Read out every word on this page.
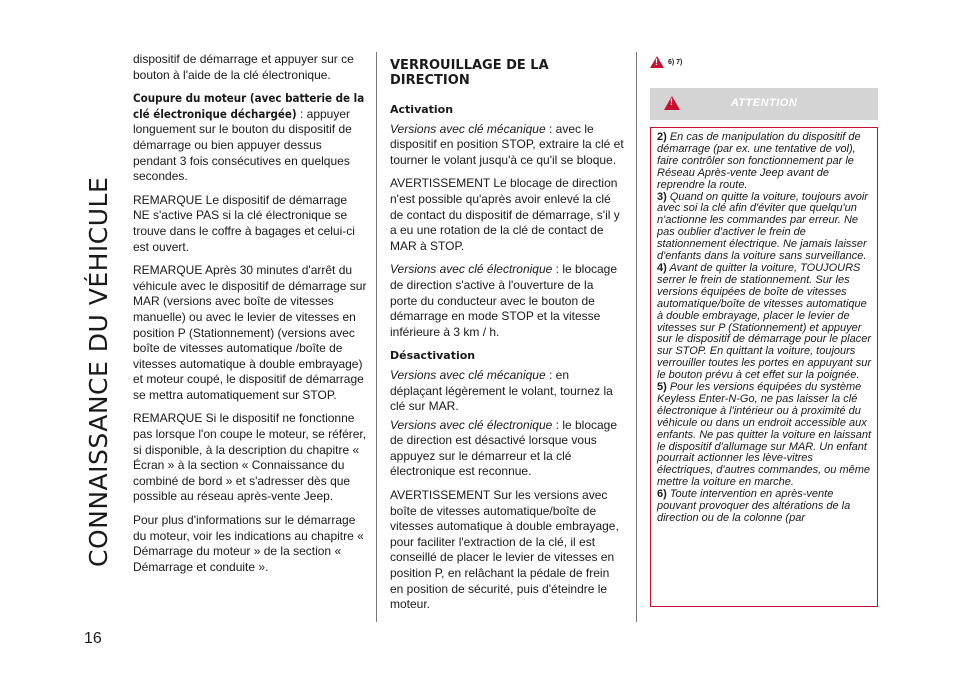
CONNAISSANCE DU VÉHICULE
16

dispositif de démarrage et appuyer sur ce bouton à l'aide de la clé électronique.

Coupure du moteur (avec batterie de la clé électronique déchargée) : appuyer longuement sur le bouton du dispositif de démarrage ou bien appuyer dessus pendant 3 fois consécutives en quelques secondes.

REMARQUE Le dispositif de démarrage NE s'active PAS si la clé électronique se trouve dans le coffre à bagages et celui-ci est ouvert.

REMARQUE Après 30 minutes d'arrêt du véhicule avec le dispositif de démarrage sur MAR (versions avec boîte de vitesses manuelle) ou avec le levier de vitesses en position P (Stationnement) (versions avec boîte de vitesses automatique /boîte de vitesses automatique à double embrayage) et moteur coupé, le dispositif de démarrage se mettra automatiquement sur STOP.

REMARQUE Si le dispositif ne fonctionne pas lorsque l'on coupe le moteur, se référer, si disponible, à la description du chapitre « Écran » à la section « Connaissance du combiné de bord » et s'adresser dès que possible au réseau après-vente Jeep.

Pour plus d'informations sur le démarrage du moteur, voir les indications au chapitre « Démarrage du moteur » de la section « Démarrage et conduite ».

VERROUILLAGE DE LA DIRECTION
Activation

Versions avec clé mécanique : avec le dispositif en position STOP, extraire la clé et tourner le volant jusqu'à ce qu'il se bloque.

AVERTISSEMENT Le blocage de direction n'est possible qu'après avoir enlevé la clé de contact du dispositif de démarrage, s'il y a eu une rotation de la clé de contact de MAR à STOP.

Versions avec clé électronique : le blocage de direction s'active à l'ouverture de la porte du conducteur avec le bouton de démarrage en mode STOP et la vitesse inférieure à 3 km / h.

Désactivation

Versions avec clé mécanique : en déplaçant légèrement le volant, tournez la clé sur MAR.

Versions avec clé électronique : le blocage de direction est désactivé lorsque vous appuyez sur le démarreur et la clé électronique est reconnue.

AVERTISSEMENT Sur les versions avec boîte de vitesses automatique/boîte de vitesses automatique à double embrayage, pour faciliter l'extraction de la clé, il est conseillé de placer le levier de vitesses en position P, en relâchant la pédale de frein en position de sécurité, puis d'éteindre le moteur.

!
6) 7)
!
ATTENTION

2) En cas de manipulation du dispositif de démarrage (par ex. une tentative de vol), faire contrôler son fonctionnement par le Réseau Après-vente Jeep avant de reprendre la route.

3) Quand on quitte la voiture, toujours avoir avec soi la clé afin d'éviter que quelqu'un n'actionne les commandes par erreur. Ne pas oublier d'activer le frein de stationnement électrique. Ne jamais laisser d'enfants dans la voiture sans surveillance.

4) Avant de quitter la voiture, TOUJOURS serrer le frein de stationnement. Sur les versions équipées de boîte de vitesses automatique/boîte de vitesses automatique à double embrayage, placer le levier de vitesses sur P (Stationnement) et appuyer sur le dispositif de démarrage pour le placer sur STOP. En quittant la voiture, toujours verrouiller toutes les portes en appuyant sur le bouton prévu à cet effet sur la poignée.

5) Pour les versions équipées du système Keyless Enter-N-Go, ne pas laisser la clé électronique à l'intérieur ou à proximité du véhicule ou dans un endroit accessible aux enfants. Ne pas quitter la voiture en laissant le dispositif d'allumage sur MAR. Un enfant pourrait actionner les lève-vitres électriques, d'autres commandes, ou même mettre la voiture en marche.

6) Toute intervention en après-vente pouvant provoquer des altérations de la direction ou de la colonne (par
